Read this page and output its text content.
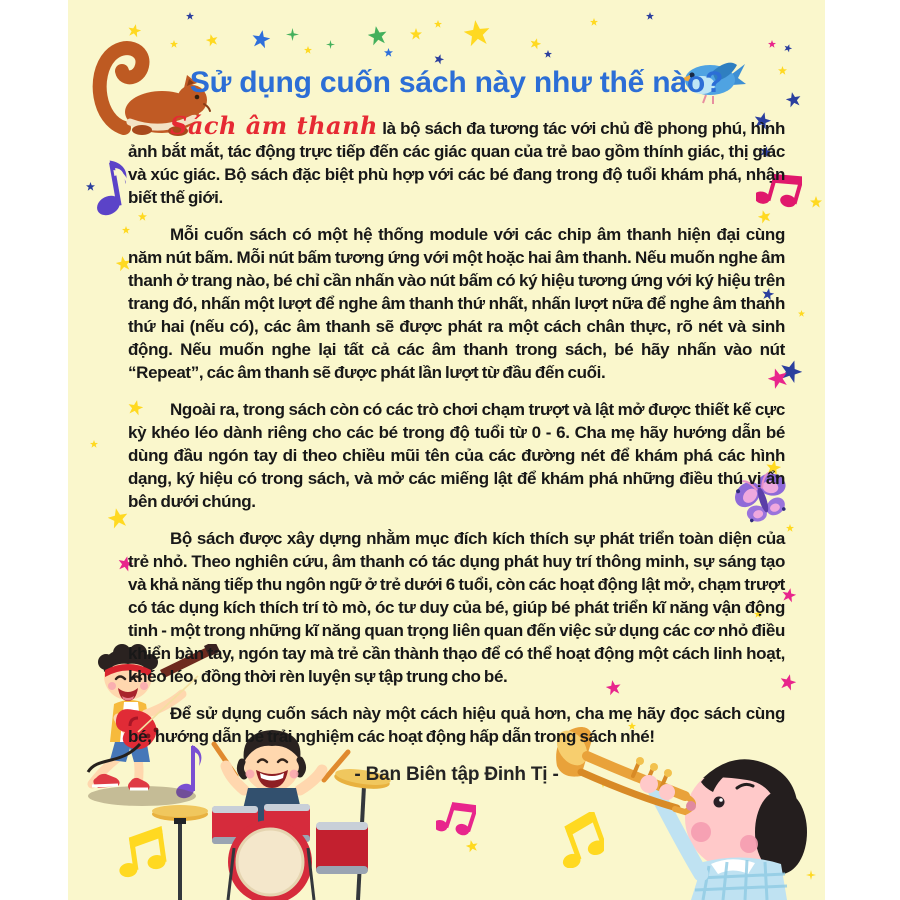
Sử dụng cuốn sách này như thế nào?

Sách âm thanh là bộ sách đa tương tác với chủ đề phong phú, hình ảnh bắt mắt, tác động trực tiếp đến các giác quan của trẻ bao gồm thính giác, thị giác và xúc giác. Bộ sách đặc biệt phù hợp với các bé đang trong độ tuổi khám phá, nhận biết thế giới.

Mỗi cuốn sách có một hệ thống module với các chip âm thanh hiện đại cùng năm nút bấm. Mỗi nút bấm tương ứng với một hoặc hai âm thanh. Nếu muốn nghe âm thanh ở trang nào, bé chỉ cần nhấn vào nút bấm có ký hiệu tương ứng với ký hiệu trên trang đó, nhấn một lượt để nghe âm thanh thứ nhất, nhấn lượt nữa để nghe âm thanh thứ hai (nếu có), các âm thanh sẽ được phát ra một cách chân thực, rõ nét và sinh động. Nếu muốn nghe lại tất cả các âm thanh trong sách, bé hãy nhấn vào nút “Repeat”, các âm thanh sẽ được phát lần lượt từ đầu đến cuối.

Ngoài ra, trong sách còn có các trò chơi chạm trượt và lật mở được thiết kế cực kỳ khéo léo dành riêng cho các bé trong độ tuổi từ 0 - 6. Cha mẹ hãy hướng dẫn bé dùng đầu ngón tay di theo chiều mũi tên của các đường nét để khám phá các hình dạng, ký hiệu có trong sách, và mở các miếng lật để khám phá những điều thú vị ẩn bên dưới chúng.

Bộ sách được xây dựng nhằm mục đích kích thích sự phát triển toàn diện của trẻ nhỏ. Theo nghiên cứu, âm thanh có tác dụng phát huy trí thông minh, sự sáng tạo và khả năng tiếp thu ngôn ngữ ở trẻ dưới 6 tuổi, còn các hoạt động lật mở, chạm trượt có tác dụng kích thích trí tò mò, óc tư duy của bé, giúp bé phát triển kĩ năng vận động tinh - một trong những kĩ năng quan trọng liên quan đến việc sử dụng các cơ nhỏ điều khiển bàn tay, ngón tay mà trẻ cần thành thạo để có thể hoạt động một cách linh hoạt, khéo léo, đồng thời rèn luyện sự tập trung cho bé.

Để sử dụng cuốn sách này một cách hiệu quả hơn, cha mẹ hãy đọc sách cùng bé, hướng dẫn bé trải nghiệm các hoạt động hấp dẫn trong sách nhé!

- Ban Biên tập Đinh Tị -
